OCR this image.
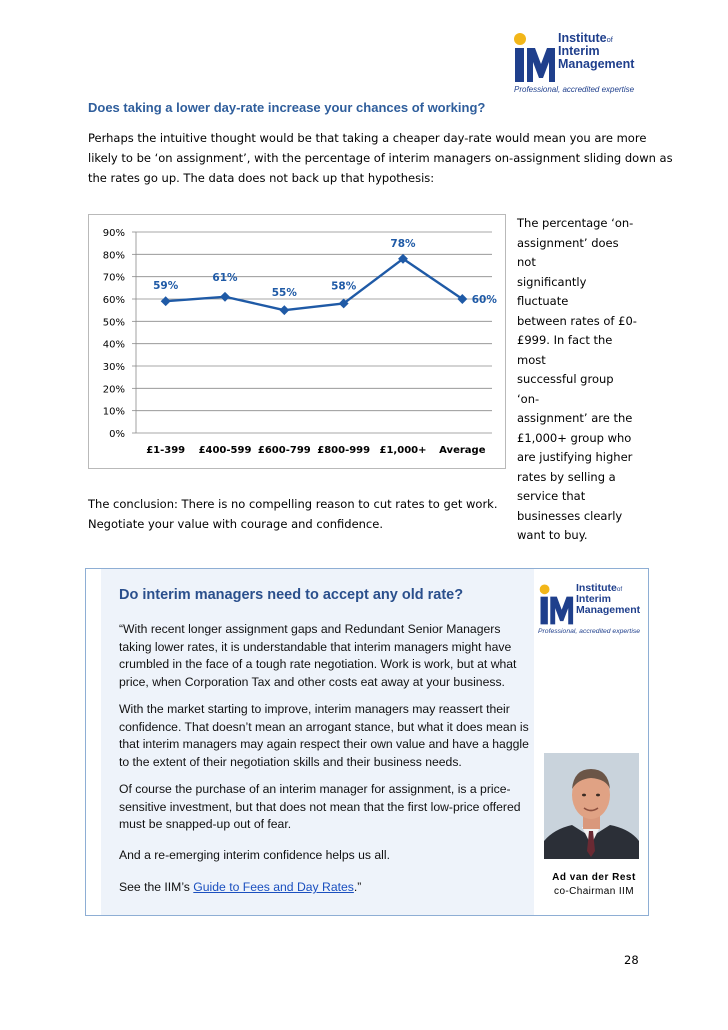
Instituteof
Interim
Management
Professional, accredited expertise
Does taking a lower day-rate increase your chances of working?
Perhaps the intuitive thought would be that taking a cheaper day-rate would mean you are more
likely to be ‘on assignment’, with the percentage of interim managers on-assignment sliding down as
the rates go up. The data does not back up that hypothesis:
0%
10%
20%
30%
40%
50%
60%
70%
80%
90%
£1-399 £400-599 £600-799 £800-999 £1,000+ Average
59%
61%
55%
58%
78%
60%
The percentage ‘on-
assignment’ does not
significantly fluctuate
between rates of £0-
£999. In fact the most
successful group ‘on-
assignment’ are the
£1,000+ group who
are justifying higher
rates by selling a
service that
businesses clearly
want to buy.
The conclusion: There is no compelling reason to cut rates to get work.
Negotiate your value with courage and confidence.
Do interim managers need to accept any old rate?
“With recent longer assignment gaps and Redundant Senior Managers
taking lower rates, it is understandable that interim managers might have
crumbled in the face of a tough rate negotiation. Work is work, but at what
price, when Corporation Tax and other costs eat away at your business.
With the market starting to improve, interim managers may reassert their
confidence. That doesn’t mean an arrogant stance, but what it does mean is
that interim managers may again respect their own value and have a haggle
to the extent of their negotiation skills and their business needs.
Of course the purchase of an interim manager for assignment, is a price-
sensitive investment, but that does not mean that the first low-price offered
must be snapped-up out of fear.
And a re-emerging interim confidence helps us all.
See the IIM’s Guide to Fees and Day Rates.”
Instituteof
Interim
Management
Professional, accredited expertise
Ad van der Rest
co-Chairman IIM
28
